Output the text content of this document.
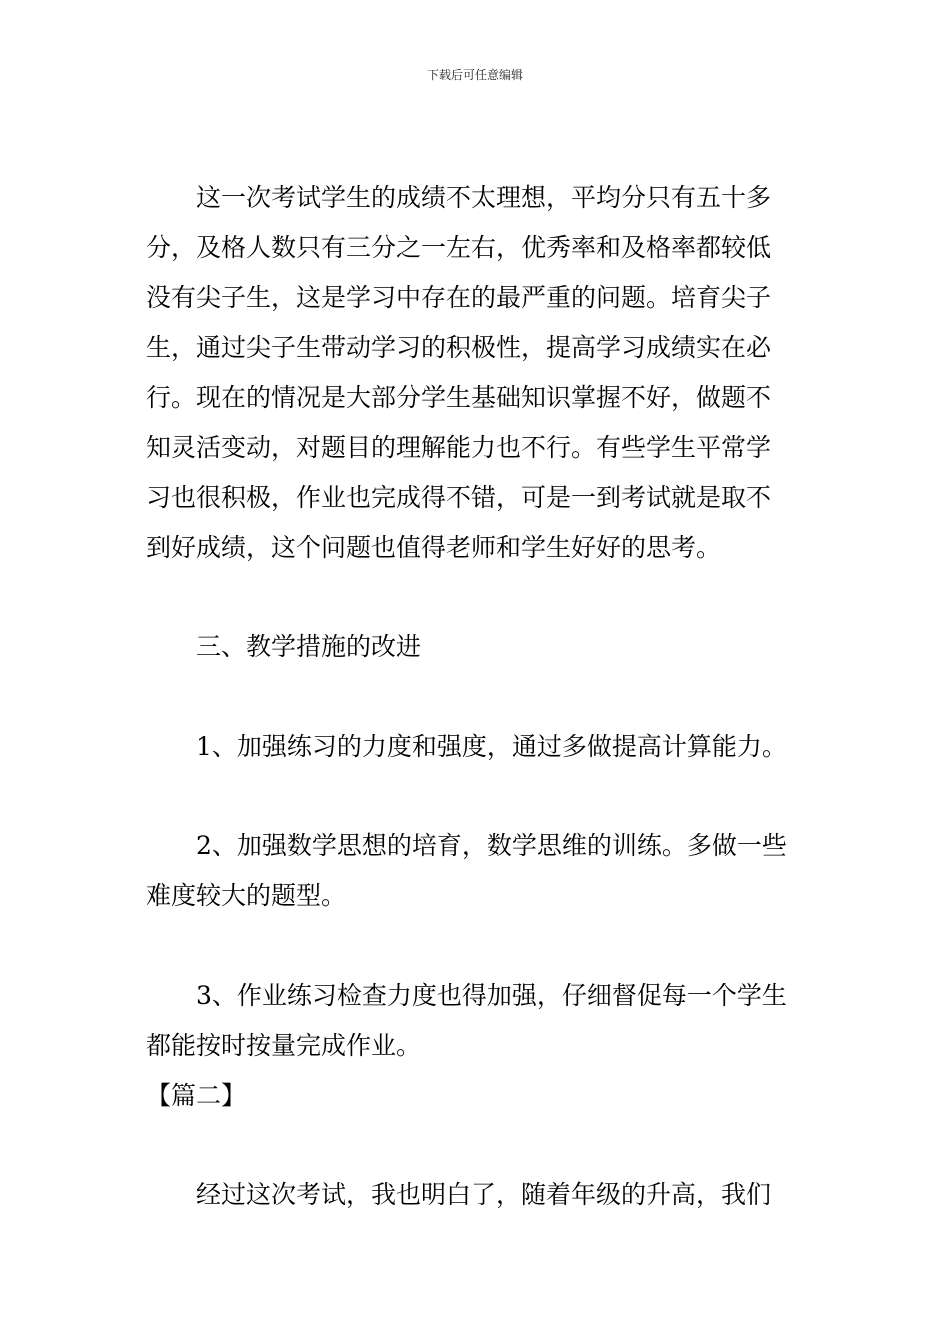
下载后可任意编辑
　　这一次考试学生的成绩不太理想，平均分只有五十多
分，及格人数只有三分之一左右，优秀率和及格率都较低
没有尖子生，这是学习中存在的最严重的问题。培育尖子
生，通过尖子生带动学习的积极性，提高学习成绩实在必
行。现在的情况是大部分学生基础知识掌握不好，做题不
知灵活变动，对题目的理解能力也不行。有些学生平常学
习也很积极，作业也完成得不错，可是一到考试就是取不
到好成绩，这个问题也值得老师和学生好好的思考。
　　三、教学措施的改进
　　1、加强练习的力度和强度，通过多做提高计算能力。
　　2、加强数学思想的培育，数学思维的训练。多做一些
难度较大的题型。
　　3、作业练习检查力度也得加强，仔细督促每一个学生
都能按时按量完成作业。
【篇二】
　　经过这次考试，我也明白了，随着年级的升高，我们
